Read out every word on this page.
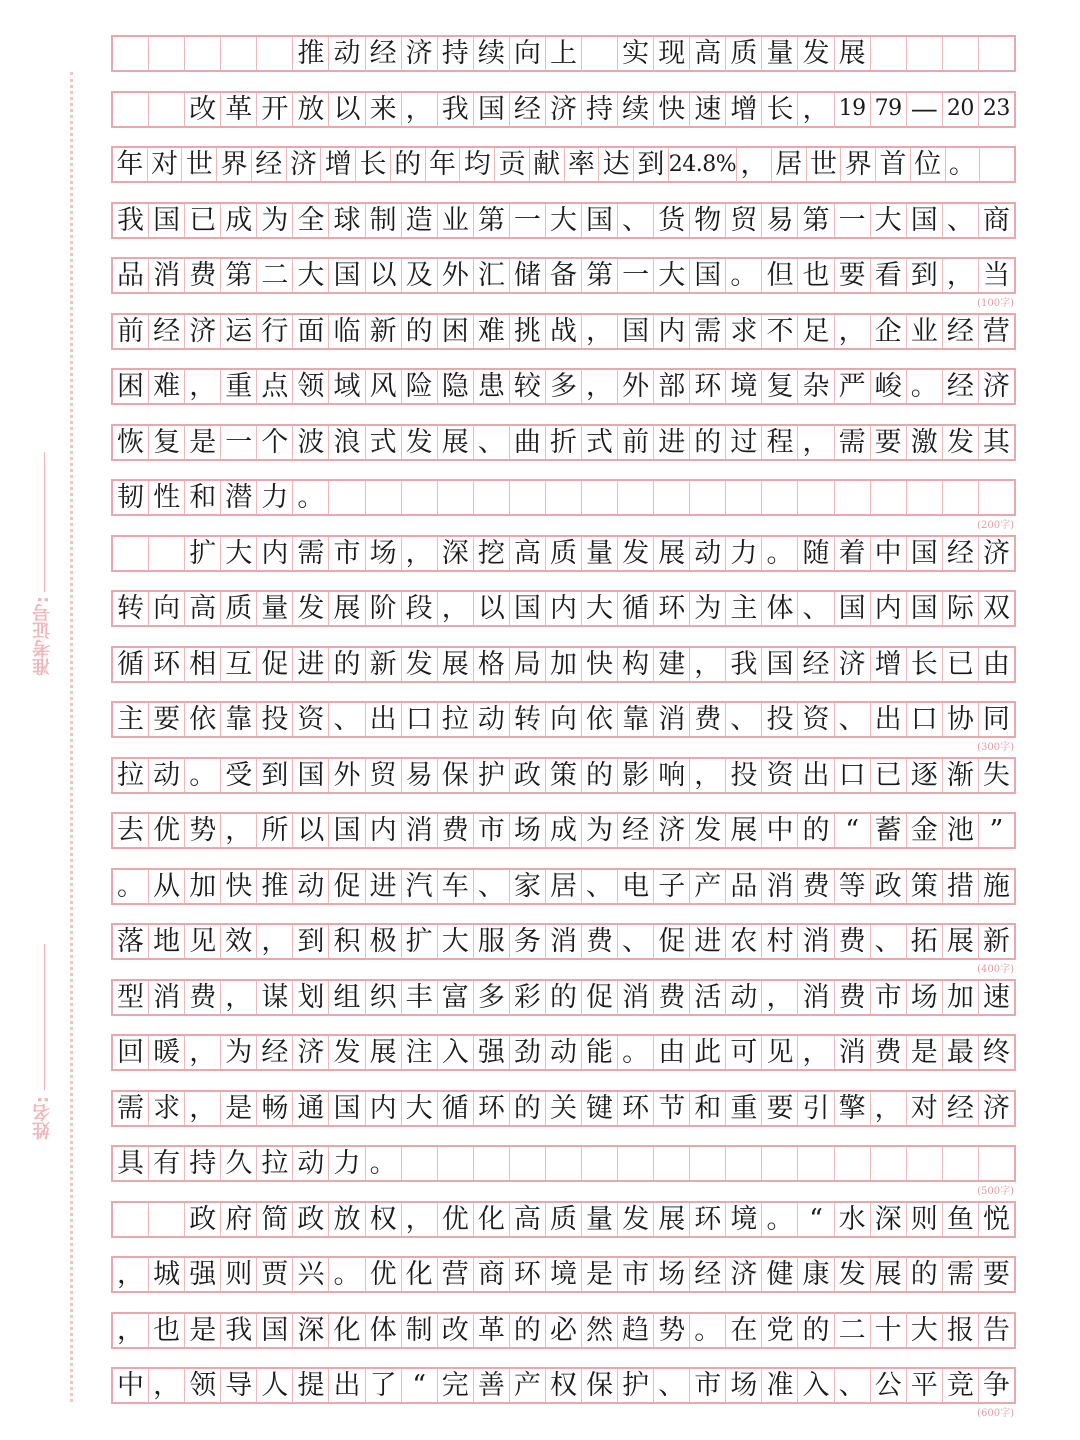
准考证号:
姓名:
推 动 经 济 持 续 向 上 实 现 高 质 量 发 展
改 革 开 放 以 来 ， 我 国 经 济 持 续 快 速 增 长 ， 19 79 — 20 23
年 对 世 界 经 济 增 长 的 年 均 贡 献 率 达 到 24.8% ， 居 世 界 首 位 。
我 国 已 成 为 全 球 制 造 业 第 一 大 国 、 货 物 贸 易 第 一 大 国 、 商
品 消 费 第 二 大 国 以 及 外 汇 储 备 第 一 大 国 。 但 也 要 看 到 ， 当
前 经 济 运 行 面 临 新 的 困 难 挑 战 ， 国 内 需 求 不 足 ， 企 业 经 营
困 难 ， 重 点 领 域 风 险 隐 患 较 多 ， 外 部 环 境 复 杂 严 峻 。 经 济
恢 复 是 一 个 波 浪 式 发 展 、 曲 折 式 前 进 的 过 程 ， 需 要 激 发 其
韧 性 和 潜 力 。
扩 大 内 需 市 场 ， 深 挖 高 质 量 发 展 动 力 。 随 着 中 国 经 济
转 向 高 质 量 发 展 阶 段 ， 以 国 内 大 循 环 为 主 体 、 国 内 国 际 双
循 环 相 互 促 进 的 新 发 展 格 局 加 快 构 建 ， 我 国 经 济 增 长 已 由
主 要 依 靠 投 资 、 出 口 拉 动 转 向 依 靠 消 费 、 投 资 、 出 口 协 同
拉 动 。 受 到 国 外 贸 易 保 护 政 策 的 影 响 ， 投 资 出 口 已 逐 渐 失
去 优 势 ， 所 以 国 内 消 费 市 场 成 为 经 济 发 展 中 的 “ 蓄 金 池 ”
。 从 加 快 推 动 促 进 汽 车 、 家 居 、 电 子 产 品 消 费 等 政 策 措 施
落 地 见 效 ， 到 积 极 扩 大 服 务 消 费 、 促 进 农 村 消 费 、 拓 展 新
型 消 费 ， 谋 划 组 织 丰 富 多 彩 的 促 消 费 活 动 ， 消 费 市 场 加 速
回 暖 ， 为 经 济 发 展 注 入 强 劲 动 能 。 由 此 可 见 ， 消 费 是 最 终
需 求 ， 是 畅 通 国 内 大 循 环 的 关 键 环 节 和 重 要 引 擎 ， 对 经 济
具 有 持 久 拉 动 力 。
政 府 简 政 放 权 ， 优 化 高 质 量 发 展 环 境 。 “ 水 深 则 鱼 悦
， 城 强 则 贾 兴 。 优 化 营 商 环 境 是 市 场 经 济 健 康 发 展 的 需 要
， 也 是 我 国 深 化 体 制 改 革 的 必 然 趋 势 。 在 党 的 二 十 大 报 告
中 ， 领 导 人 提 出 了 “ 完 善 产 权 保 护 、 市 场 准 入 、 公 平 竞 争
(100字)
(200字)
(300字)
(400字)
(500字)
(600字)
